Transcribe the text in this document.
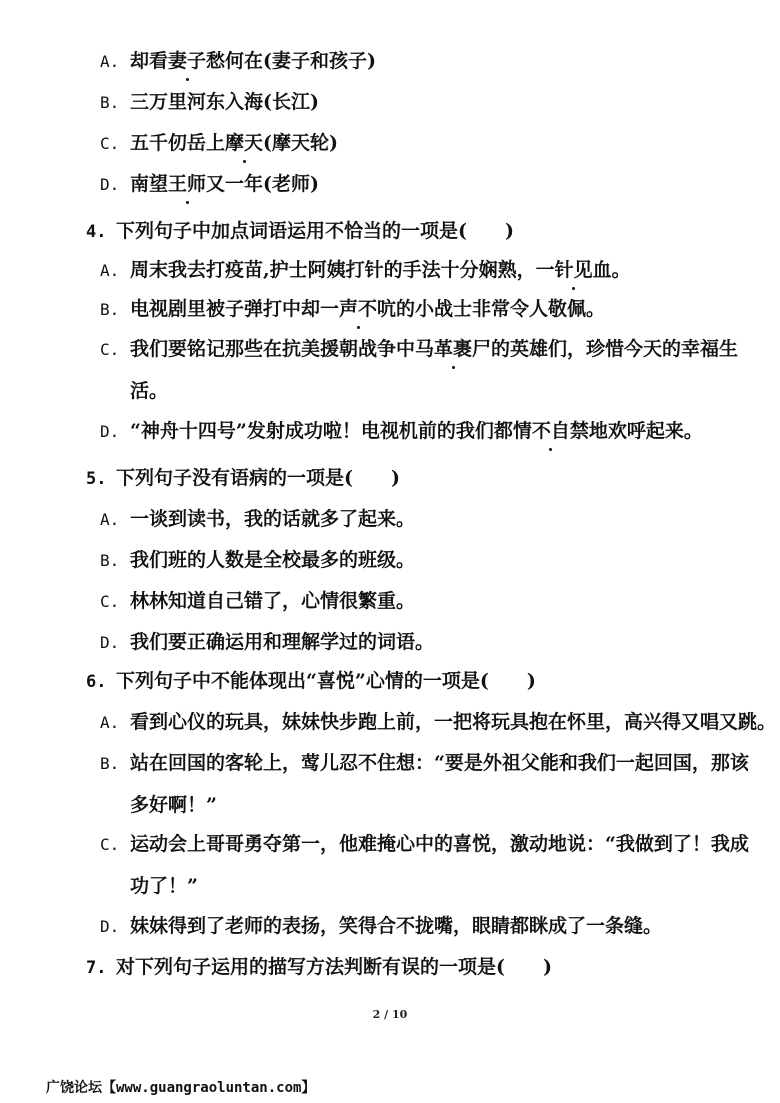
A. 却看妻子愁何在(妻子和孩子)
B. 三万里河东入海(长江)
C. 五千仞岳上摩天(摩天轮)
D. 南望王师又一年(老师)
4. 下列句子中加点词语运用不恰当的一项是(　　)
A. 周末我去打疫苗,护士阿姨打针的手法十分娴熟，一针见血。
B. 电视剧里被子弹打中却一声不吭的小战士非常令人敬佩。
C. 我们要铭记那些在抗美援朝战争中马革裹尸的英雄们，珍惜今天的幸福生
活。
D. “神舟十四号”发射成功啦！电视机前的我们都情不自禁地欢呼起来。
5. 下列句子没有语病的一项是(　　)
A. 一谈到读书，我的话就多了起来。
B. 我们班的人数是全校最多的班级。
C. 林林知道自己错了，心情很繁重。
D. 我们要正确运用和理解学过的词语。
6. 下列句子中不能体现出“喜悦”心情的一项是(　　)
A. 看到心仪的玩具，妹妹快步跑上前，一把将玩具抱在怀里，高兴得又唱又跳。
B. 站在回国的客轮上，莺儿忍不住想：“要是外祖父能和我们一起回国，那该
多好啊！”
C. 运动会上哥哥勇夺第一，他难掩心中的喜悦，激动地说：“我做到了！我成
功了！”
D. 妹妹得到了老师的表扬，笑得合不拢嘴，眼睛都眯成了一条缝。
7. 对下列句子运用的描写方法判断有误的一项是(　　)
2 / 10
广饶论坛【www.guangraoluntan.com】
